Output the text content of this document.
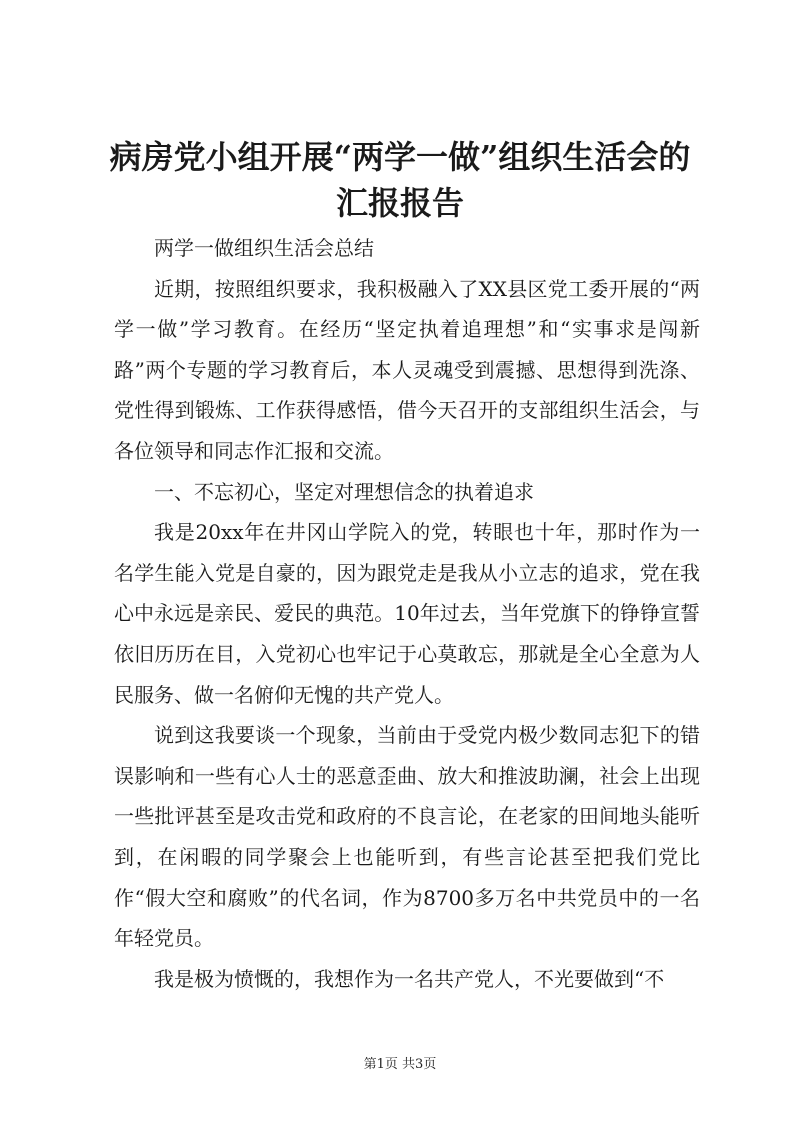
病房党小组开展“两学一做”组织生活会的汇报报告

两学一做组织生活会总结

近期，按照组织要求，我积极融入了XX县区党工委开展的“两学一做”学习教育。在经历“坚定执着追理想”和“实事求是闯新路”两个专题的学习教育后，本人灵魂受到震撼、思想得到洗涤、党性得到锻炼、工作获得感悟，借今天召开的支部组织生活会，与各位领导和同志作汇报和交流。

一、不忘初心，坚定对理想信念的执着追求

我是20xx年在井冈山学院入的党，转眼也十年，那时作为一名学生能入党是自豪的，因为跟党走是我从小立志的追求，党在我心中永远是亲民、爱民的典范。10年过去，当年党旗下的铮铮宣誓依旧历历在目，入党初心也牢记于心莫敢忘，那就是全心全意为人民服务、做一名俯仰无愧的共产党人。

说到这我要谈一个现象，当前由于受党内极少数同志犯下的错误影响和一些有心人士的恶意歪曲、放大和推波助澜，社会上出现一些批评甚至是攻击党和政府的不良言论，在老家的田间地头能听到，在闲暇的同学聚会上也能听到，有些言论甚至把我们党比作“假大空和腐败”的代名词，作为8700多万名中共党员中的一名年轻党员。

我是极为愤慨的，我想作为一名共产党人，不光要做到“不

第1页 共3页
